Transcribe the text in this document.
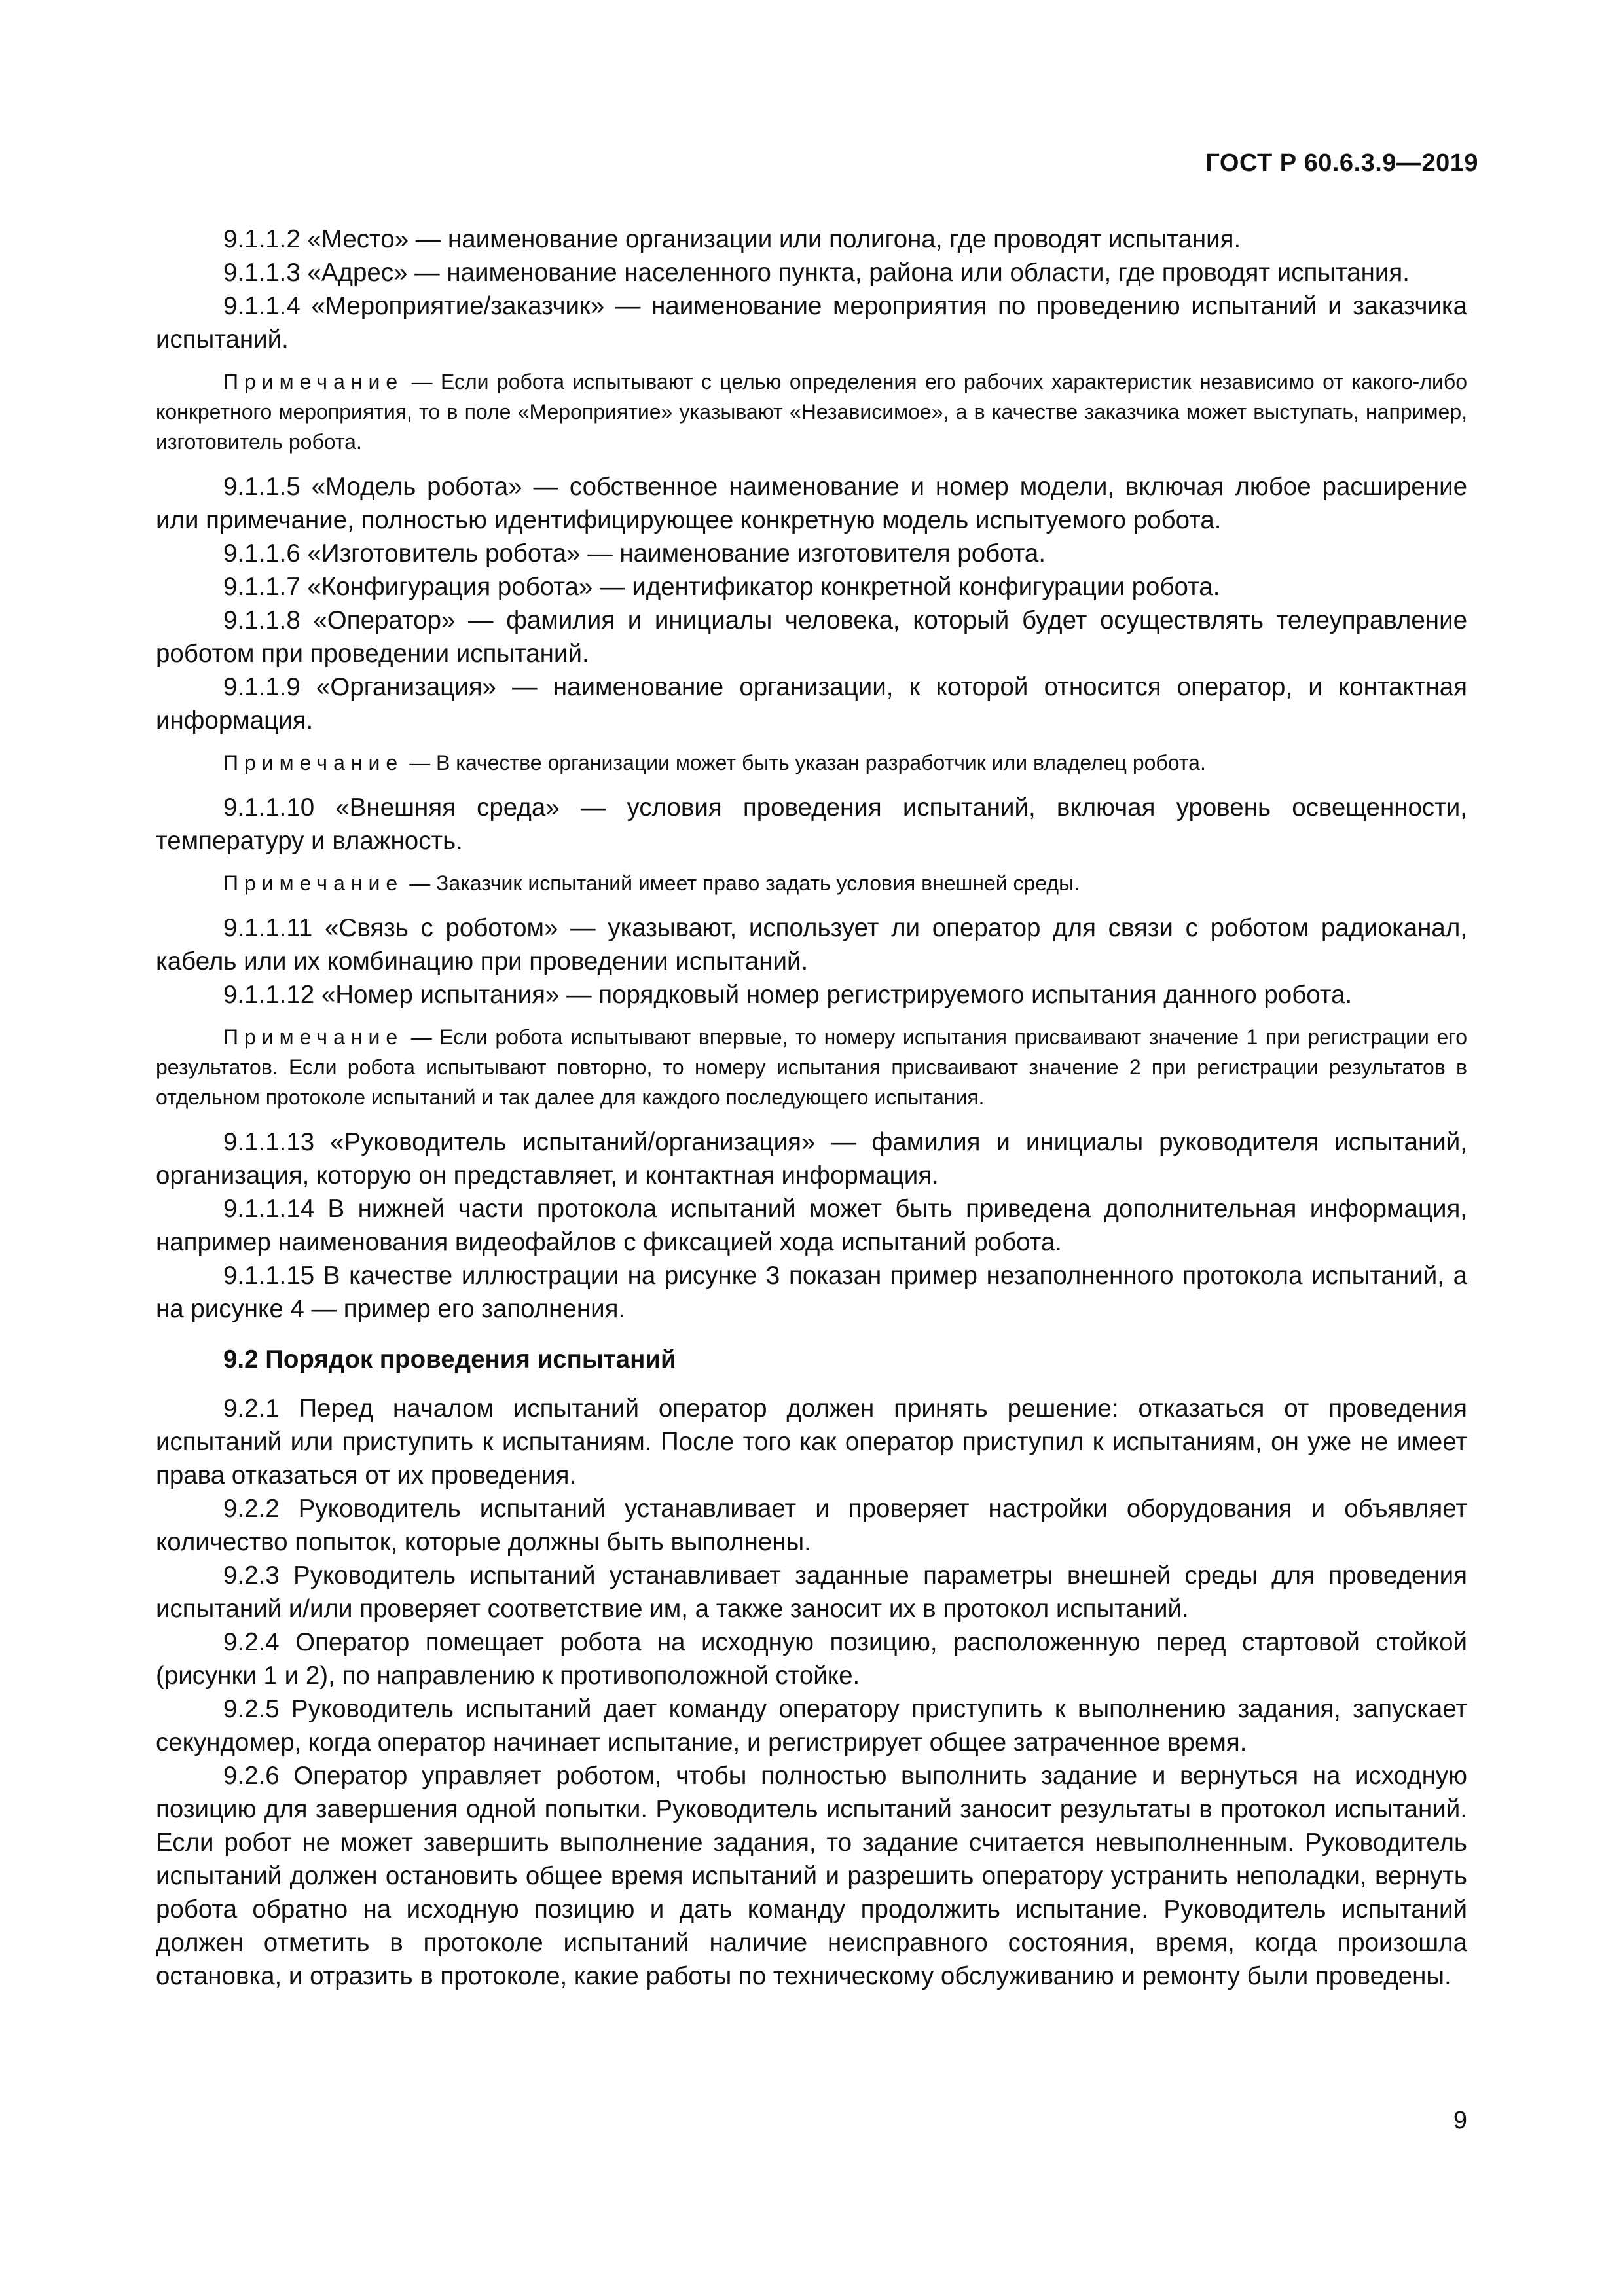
ГОСТ Р 60.6.3.9—2019

9.1.1.2 «Место» — наименование организации или полигона, где проводят испытания.

9.1.1.3 «Адрес» — наименование населенного пункта, района или области, где проводят испытания.

9.1.1.4 «Мероприятие/заказчик» — наименование мероприятия по проведению испытаний и заказчика испытаний.

Примечание — Если робота испытывают с целью определения его рабочих характеристик независимо от какого-либо конкретного мероприятия, то в поле «Мероприятие» указывают «Независимое», а в качестве заказчика может выступать, например, изготовитель робота.

9.1.1.5 «Модель робота» — собственное наименование и номер модели, включая любое расширение или примечание, полностью идентифицирующее конкретную модель испытуемого робота.

9.1.1.6 «Изготовитель робота» — наименование изготовителя робота.

9.1.1.7 «Конфигурация робота» — идентификатор конкретной конфигурации робота.

9.1.1.8 «Оператор» — фамилия и инициалы человека, который будет осуществлять телеуправление роботом при проведении испытаний.

9.1.1.9 «Организация» — наименование организации, к которой относится оператор, и контактная информация.

Примечание — В качестве организации может быть указан разработчик или владелец робота.

9.1.1.10 «Внешняя среда» — условия проведения испытаний, включая уровень освещенности, температуру и влажность.

Примечание — Заказчик испытаний имеет право задать условия внешней среды.

9.1.1.11 «Связь с роботом» — указывают, использует ли оператор для связи с роботом радиоканал, кабель или их комбинацию при проведении испытаний.

9.1.1.12 «Номер испытания» — порядковый номер регистрируемого испытания данного робота.

Примечание — Если робота испытывают впервые, то номеру испытания присваивают значение 1 при регистрации его результатов. Если робота испытывают повторно, то номеру испытания присваивают значение 2 при регистрации результатов в отдельном протоколе испытаний и так далее для каждого последующего испытания.

9.1.1.13 «Руководитель испытаний/организация» — фамилия и инициалы руководителя испытаний, организация, которую он представляет, и контактная информация.

9.1.1.14 В нижней части протокола испытаний может быть приведена дополнительная информация, например наименования видеофайлов с фиксацией хода испытаний робота.

9.1.1.15 В качестве иллюстрации на рисунке 3 показан пример незаполненного протокола испытаний, а на рисунке 4 — пример его заполнения.

9.2 Порядок проведения испытаний

9.2.1 Перед началом испытаний оператор должен принять решение: отказаться от проведения испытаний или приступить к испытаниям. После того как оператор приступил к испытаниям, он уже не имеет права отказаться от их проведения.

9.2.2 Руководитель испытаний устанавливает и проверяет настройки оборудования и объявляет количество попыток, которые должны быть выполнены.

9.2.3 Руководитель испытаний устанавливает заданные параметры внешней среды для проведения испытаний и/или проверяет соответствие им, а также заносит их в протокол испытаний.

9.2.4 Оператор помещает робота на исходную позицию, расположенную перед стартовой стойкой (рисунки 1 и 2), по направлению к противоположной стойке.

9.2.5 Руководитель испытаний дает команду оператору приступить к выполнению задания, запускает секундомер, когда оператор начинает испытание, и регистрирует общее затраченное время.

9.2.6 Оператор управляет роботом, чтобы полностью выполнить задание и вернуться на исходную позицию для завершения одной попытки. Руководитель испытаний заносит результаты в протокол испытаний. Если робот не может завершить выполнение задания, то задание считается невыполненным. Руководитель испытаний должен остановить общее время испытаний и разрешить оператору устранить неполадки, вернуть робота обратно на исходную позицию и дать команду продолжить испытание. Руководитель испытаний должен отметить в протоколе испытаний наличие неисправного состояния, время, когда произошла остановка, и отразить в протоколе, какие работы по техническому обслуживанию и ремонту были проведены.

9
